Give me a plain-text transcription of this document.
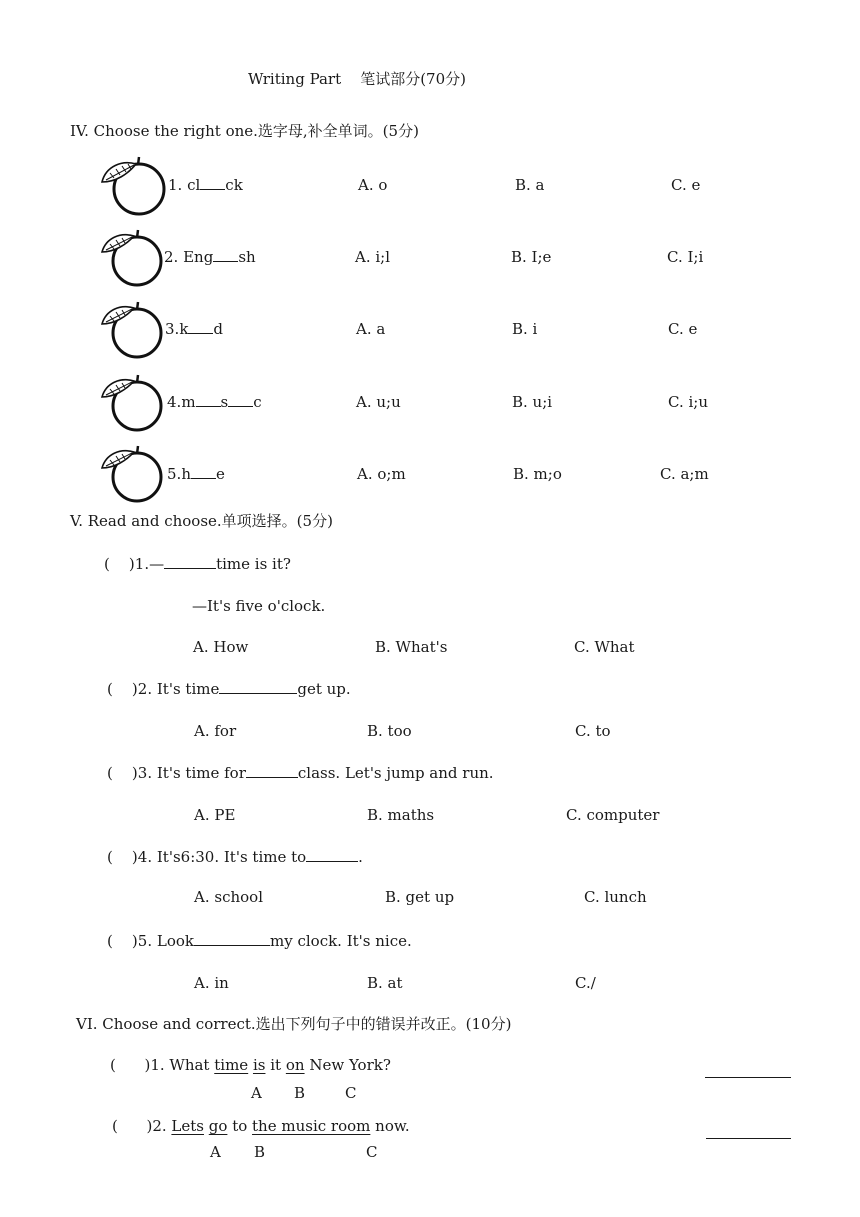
Writing Part    笔试部分(70分)
IV. Choose the right one.选字母,补全单词。(5分)
1. cl ck	A. o	B. a	C. e
2. Eng sh	A. i;l	B. I;e	C. I;i
3.k d	A. a	B. i	C. e
4.m s c	A. u;u	B. u;i	C. i;u
5.h e	A. o;m	B. m;o	C. a;m
V. Read and choose.单项选择。(5分)
(    )1.—	time is it?
—It's five o'clock.
A. How	B. What's	C. What
(    )2. It's time	get up.
A. for	B. too	C. to
(    )3. It's time for	class. Let's jump and run.
A. PE	B. maths	C. computer
(    )4. It's6:30. It's time to	.
A. school	B. get up	C. lunch
(    )5. Look	my clock. It's nice.
A. in	B. at	C./
VI. Choose and correct.选出下列句子中的错误并改正。(10分)
(      )1. What time is it on New York?
A B	C
(      )2. Lets go to the music room now.
A B	C
